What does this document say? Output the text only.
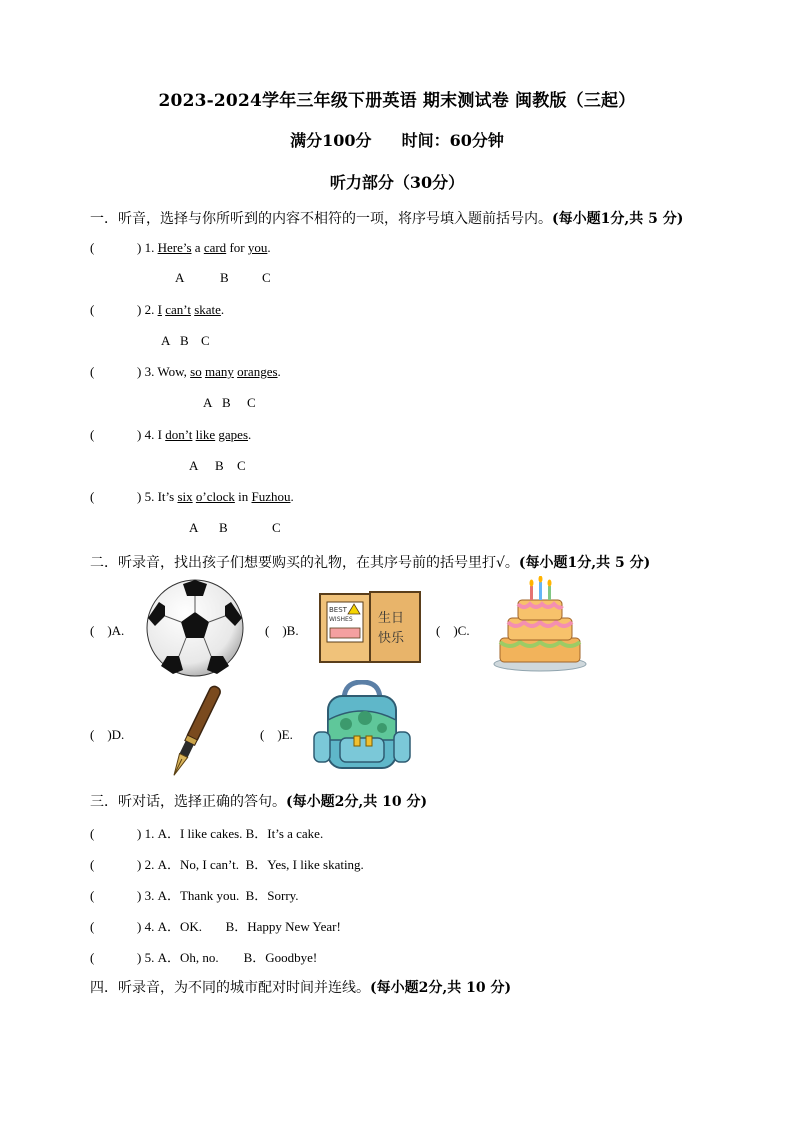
2023-2024学年三年级下册英语 期末测试卷 闽教版（三起）
满分100分 时间：60分钟
听力部分（30分）
一．听音，选择与你所听到的内容不相符的一项，将序号填入题前括号内。(每小题1分,共 5 分)
(	) 1. Here’s a card for you.
A	B	C
(	) 2. I can’t skate.
A B C
(	) 3. Wow, so many oranges.
A B C
(	) 4. I don’t like gapes.
A B C
(	) 5. It’s six o’clock in Fuzhou.
A B	C
二．听录音，找出孩子们想要购买的礼物，在其序号前的括号里打√。(每小题1分,共 5 分)
(　)A.	(　)B.	(　)C.
(　)D.	(　)E.
BEST
WISHES 生日
快乐
三．听对话，选择正确的答句。(每小题2分,共 10 分)
(	) 1. A．I like cakes. B．It’s a cake.
(	) 2. A．No, I can’t. B．Yes, I like skating.
(	) 3. A．Thank you. B．Sorry.
(	) 4. A．OK. B．Happy New Year!
(	) 5. A．Oh, no. B．Goodbye!
四．听录音，为不同的城市配对时间并连线。(每小题2分,共 10 分)
